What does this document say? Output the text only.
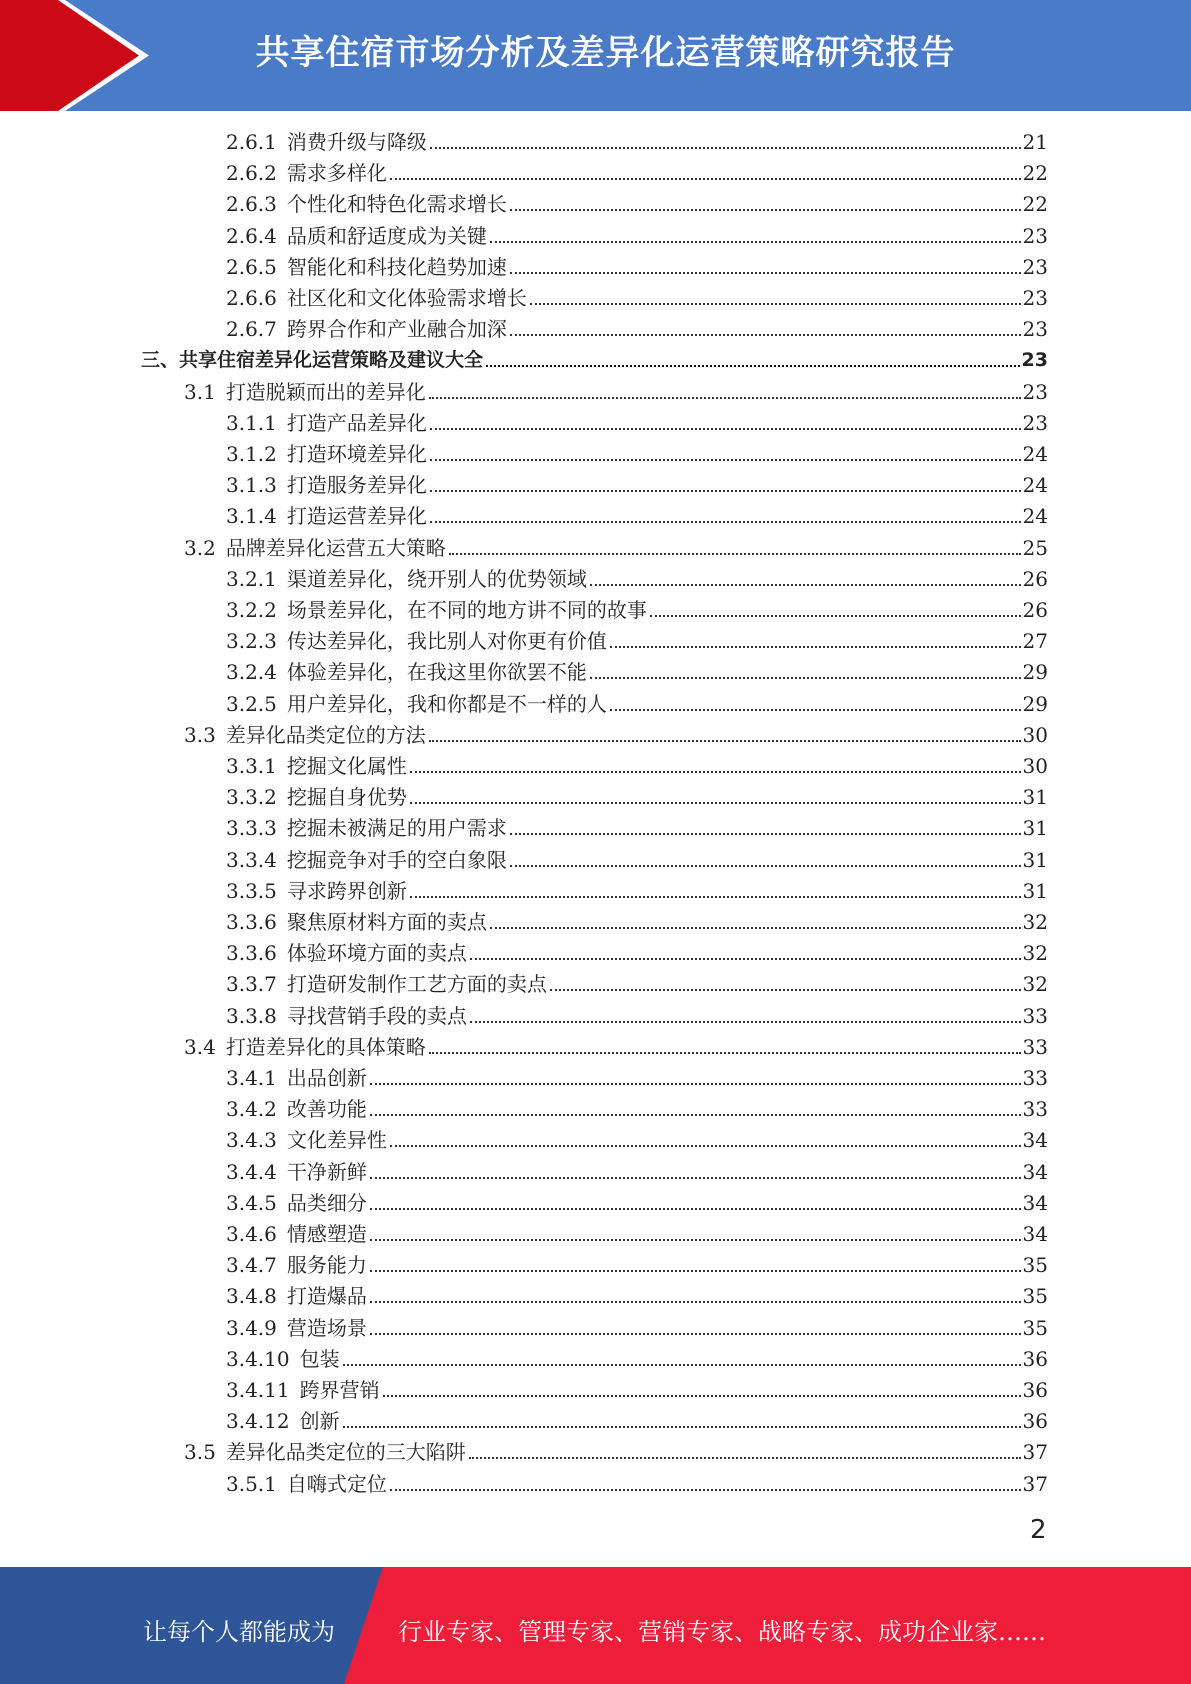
共享住宿市场分析及差异化运营策略研究报告
2.6.1 消费升级与降级	21
2.6.2 需求多样化	22
2.6.3 个性化和特色化需求增长	22
2.6.4 品质和舒适度成为关键	23
2.6.5 智能化和科技化趋势加速	23
2.6.6 社区化和文化体验需求增长	23
2.6.7 跨界合作和产业融合加深	23
三、共享住宿差异化运营策略及建议大全	23
3.1 打造脱颖而出的差异化	23
3.1.1 打造产品差异化	23
3.1.2 打造环境差异化	24
3.1.3 打造服务差异化	24
3.1.4 打造运营差异化	24
3.2 品牌差异化运营五大策略	25
3.2.1 渠道差异化，绕开别人的优势领域	26
3.2.2 场景差异化，在不同的地方讲不同的故事	26
3.2.3 传达差异化，我比别人对你更有价值	27
3.2.4 体验差异化，在我这里你欲罢不能	29
3.2.5 用户差异化，我和你都是不一样的人	29
3.3 差异化品类定位的方法	30
3.3.1 挖掘文化属性	30
3.3.2 挖掘自身优势	31
3.3.3 挖掘未被满足的用户需求	31
3.3.4 挖掘竞争对手的空白象限	31
3.3.5 寻求跨界创新	31
3.3.6 聚焦原材料方面的卖点	32
3.3.6 体验环境方面的卖点	32
3.3.7 打造研发制作工艺方面的卖点	32
3.3.8 寻找营销手段的卖点	33
3.4 打造差异化的具体策略	33
3.4.1 出品创新	33
3.4.2 改善功能	33
3.4.3 文化差异性	34
3.4.4 干净新鲜	34
3.4.5 品类细分	34
3.4.6 情感塑造	34
3.4.7 服务能力	35
3.4.8 打造爆品	35
3.4.9 营造场景	35
3.4.10 包装	36
3.4.11 跨界营销	36
3.4.12 创新	36
3.5 差异化品类定位的三大陷阱	37
3.5.1 自嗨式定位	37
2
让每个人都能成为	行业专家、管理专家、营销专家、战略专家、成功企业家……
